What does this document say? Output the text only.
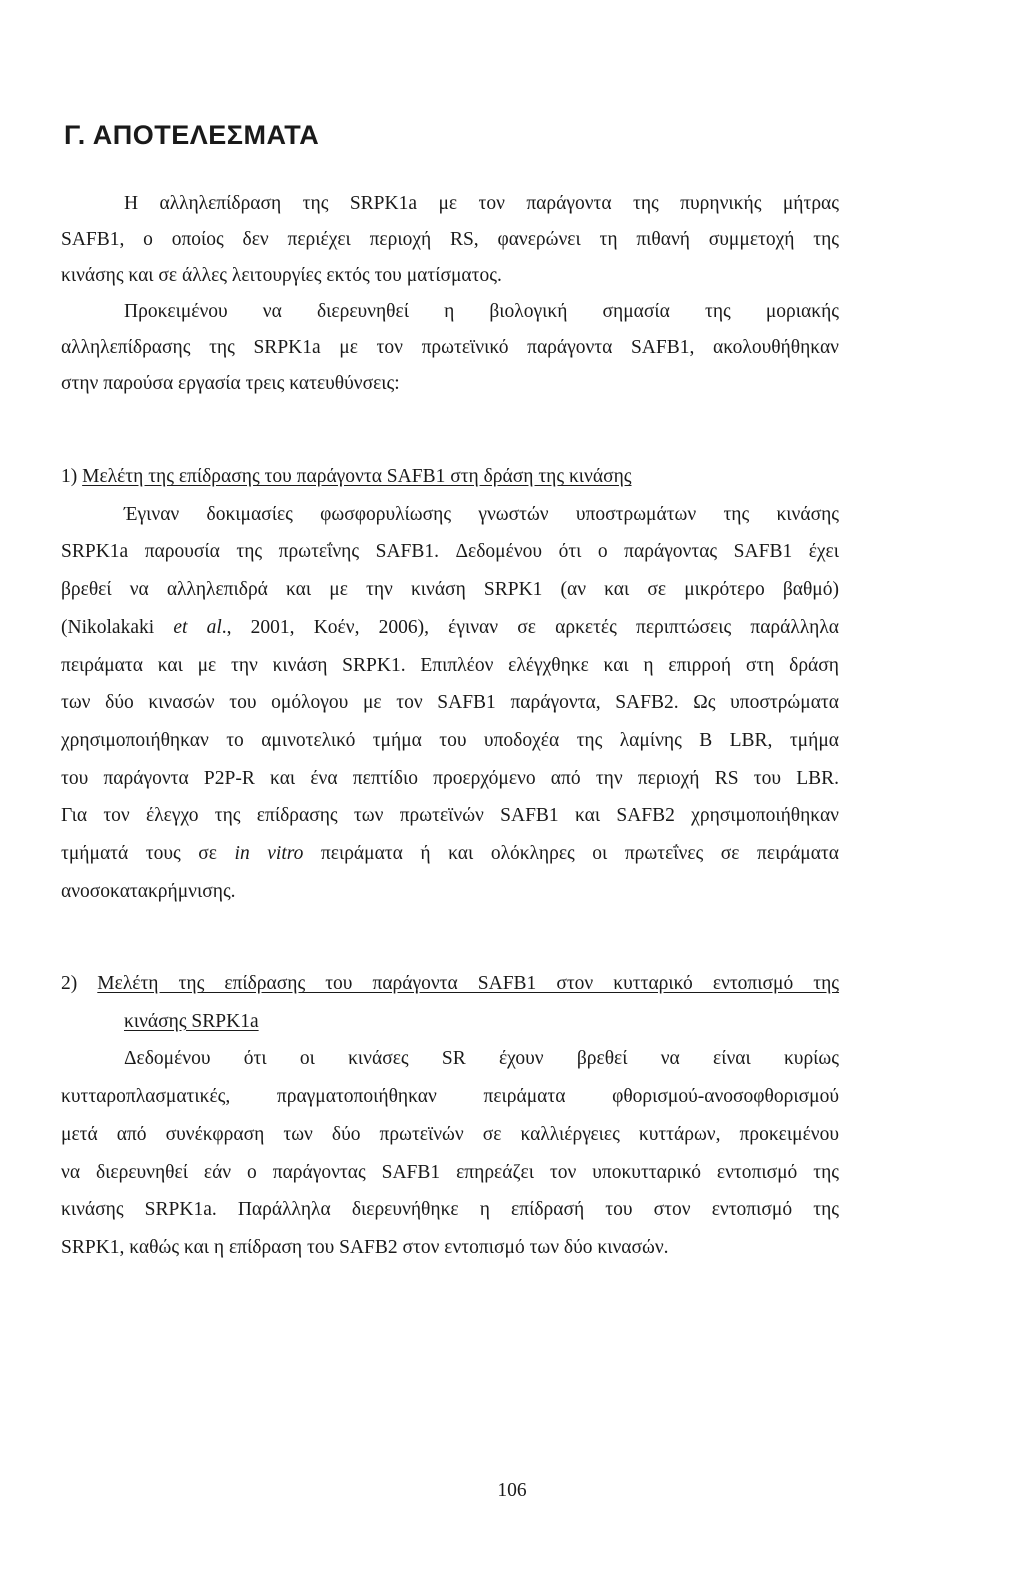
Γ. ΑΠΟΤΕΛΕΣΜΑΤΑ

Η αλληλεπίδραση της SRPK1a με τον παράγοντα της πυρηνικής μήτρας

SAFB1, ο οποίος δεν περιέχει περιοχή RS, φανερώνει τη πιθανή συμμετοχή της

κινάσης και σε άλλες λειτουργίες εκτός του ματίσματος.

Προκειμένου να διερευνηθεί η βιολογική σημασία της μοριακής

αλληλεπίδρασης της SRPK1a με τον πρωτεϊνικό παράγοντα SAFB1, ακολουθήθηκαν

στην παρούσα εργασία τρεις κατευθύνσεις:

1) Μελέτη της επίδρασης του παράγοντα SAFB1 στη δράση της κινάσης

Έγιναν δοκιμασίες φωσφορυλίωσης γνωστών υποστρωμάτων της κινάσης

SRPK1a παρουσία της πρωτεΐνης SAFB1. Δεδομένου ότι ο παράγοντας SAFB1 έχει

βρεθεί να αλληλεπιδρά και με την κινάση SRPK1 (αν και σε μικρότερο βαθμό)

(Nikolakaki et al., 2001, Κοέν, 2006), έγιναν σε αρκετές περιπτώσεις παράλληλα

πειράματα και με την κινάση SRPK1. Επιπλέον ελέγχθηκε και η επιρροή στη δράση

των δύο κινασών του ομόλογου με τον SAFB1 παράγοντα, SAFB2. Ως υποστρώματα

χρησιμοποιήθηκαν το αμινοτελικό τμήμα του υποδοχέα της λαμίνης B LBR, τμήμα

του παράγοντα P2P-R και ένα πεπτίδιο προερχόμενο από την περιοχή RS του LBR.

Για τον έλεγχο της επίδρασης των πρωτεϊνών SAFB1 και SAFB2 χρησιμοποιήθηκαν

τμήματά τους σε in vitro πειράματα ή και ολόκληρες οι πρωτεΐνες σε πειράματα

ανοσοκατακρήμνισης.

2) Μελέτη της επίδρασης του παράγοντα SAFB1 στον κυτταρικό εντοπισμό της

κινάσης SRPK1a

Δεδομένου ότι οι κινάσες SR έχουν βρεθεί να είναι κυρίως

κυτταροπλασματικές, πραγματοποιήθηκαν πειράματα φθορισμού-ανοσοφθορισμού

μετά από συνέκφραση των δύο πρωτεϊνών σε καλλιέργειες κυττάρων, προκειμένου

να διερευνηθεί εάν ο παράγοντας SAFB1 επηρεάζει τον υποκυτταρικό εντοπισμό της

κινάσης SRPK1a. Παράλληλα διερευνήθηκε η επίδρασή του στον εντοπισμό της

SRPK1, καθώς και η επίδραση του SAFB2 στον εντοπισμό των δύο κινασών.

106
